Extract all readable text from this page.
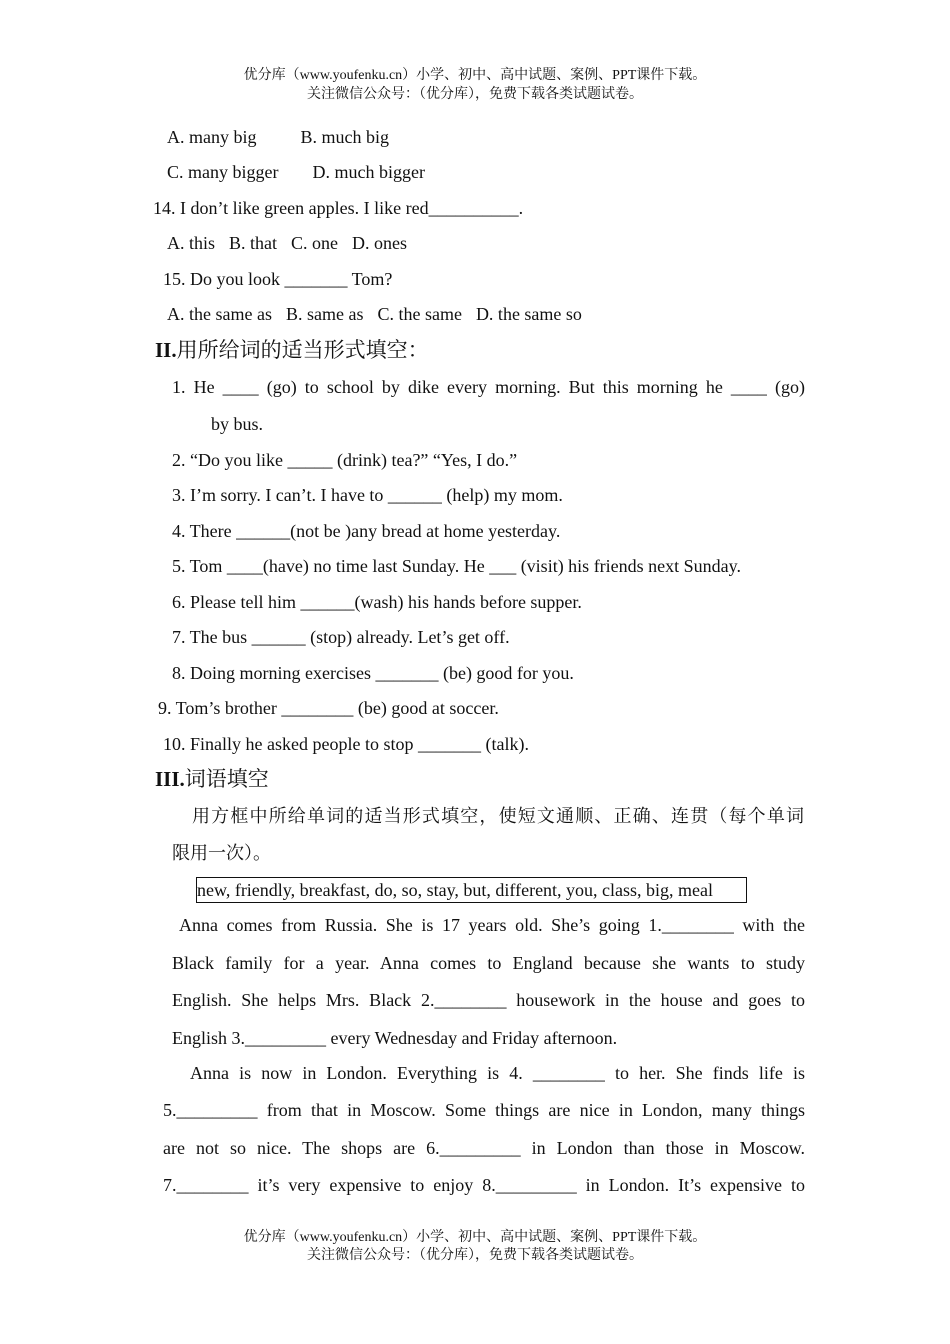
优分库（www.youfenku.cn）小学、初中、高中试题、案例、PPT课件下载。
关注微信公众号：（优分库），免费下载各类试题试卷。
A. many big B. much big
C. many bigger D. much bigger
14. I don’t like green apples. I like red__________.
A. this B. that C. one D. ones
15. Do you look _______ Tom?
A. the same as B. same as C. the same D. the same so
II.用所给词的适当形式填空：
1. He ____ (go) to school by dike every morning. But this morning he ____ (go)
by bus.
2. “Do you like _____ (drink) tea?” “Yes, I do.”
3. I’m sorry. I can’t. I have to ______ (help) my mom.
4. There ______(not be )any bread at home yesterday.
5. Tom ____(have) no time last Sunday. He ___ (visit) his friends next Sunday.
6. Please tell him ______(wash) his hands before supper.
7. The bus ______ (stop) already. Let’s get off.
8. Doing morning exercises _______ (be) good for you.
9. Tom’s brother ________ (be) good at soccer.
10. Finally he asked people to stop _______ (talk).
III.词语填空
用方框中所给单词的适当形式填空，使短文通顺、正确、连贯（每个单词
限用一次）。
new, friendly, breakfast, do, so, stay, but, different, you, class, big, meal
Anna comes from Russia. She is 17 years old. She’s going 1.________ with the
Black family for a year. Anna comes to England because she wants to study
English. She helps Mrs. Black 2.________ housework in the house and goes to
English 3._________ every Wednesday and Friday afternoon.
Anna is now in London. Everything is 4. ________ to her. She finds life is
5._________ from that in Moscow. Some things are nice in London, many things
are not so nice. The shops are 6._________ in London than those in Moscow.
7.________ it’s very expensive to enjoy 8._________ in London. It’s expensive to
优分库（www.youfenku.cn）小学、初中、高中试题、案例、PPT课件下载。
关注微信公众号：（优分库），免费下载各类试题试卷。
